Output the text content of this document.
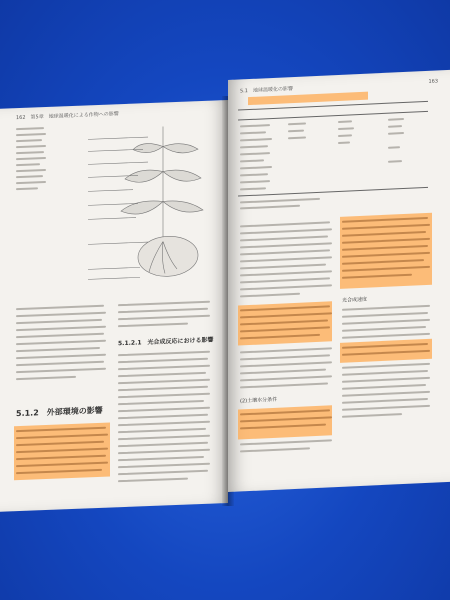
162　第5章　地球温暖化による作物への影響
5.1.2.1　光合成反応における影響
5.1.2　外部環境の影響
5.1　地球温暖化の影響
163
(2)土壌水分条件
光合成速度
